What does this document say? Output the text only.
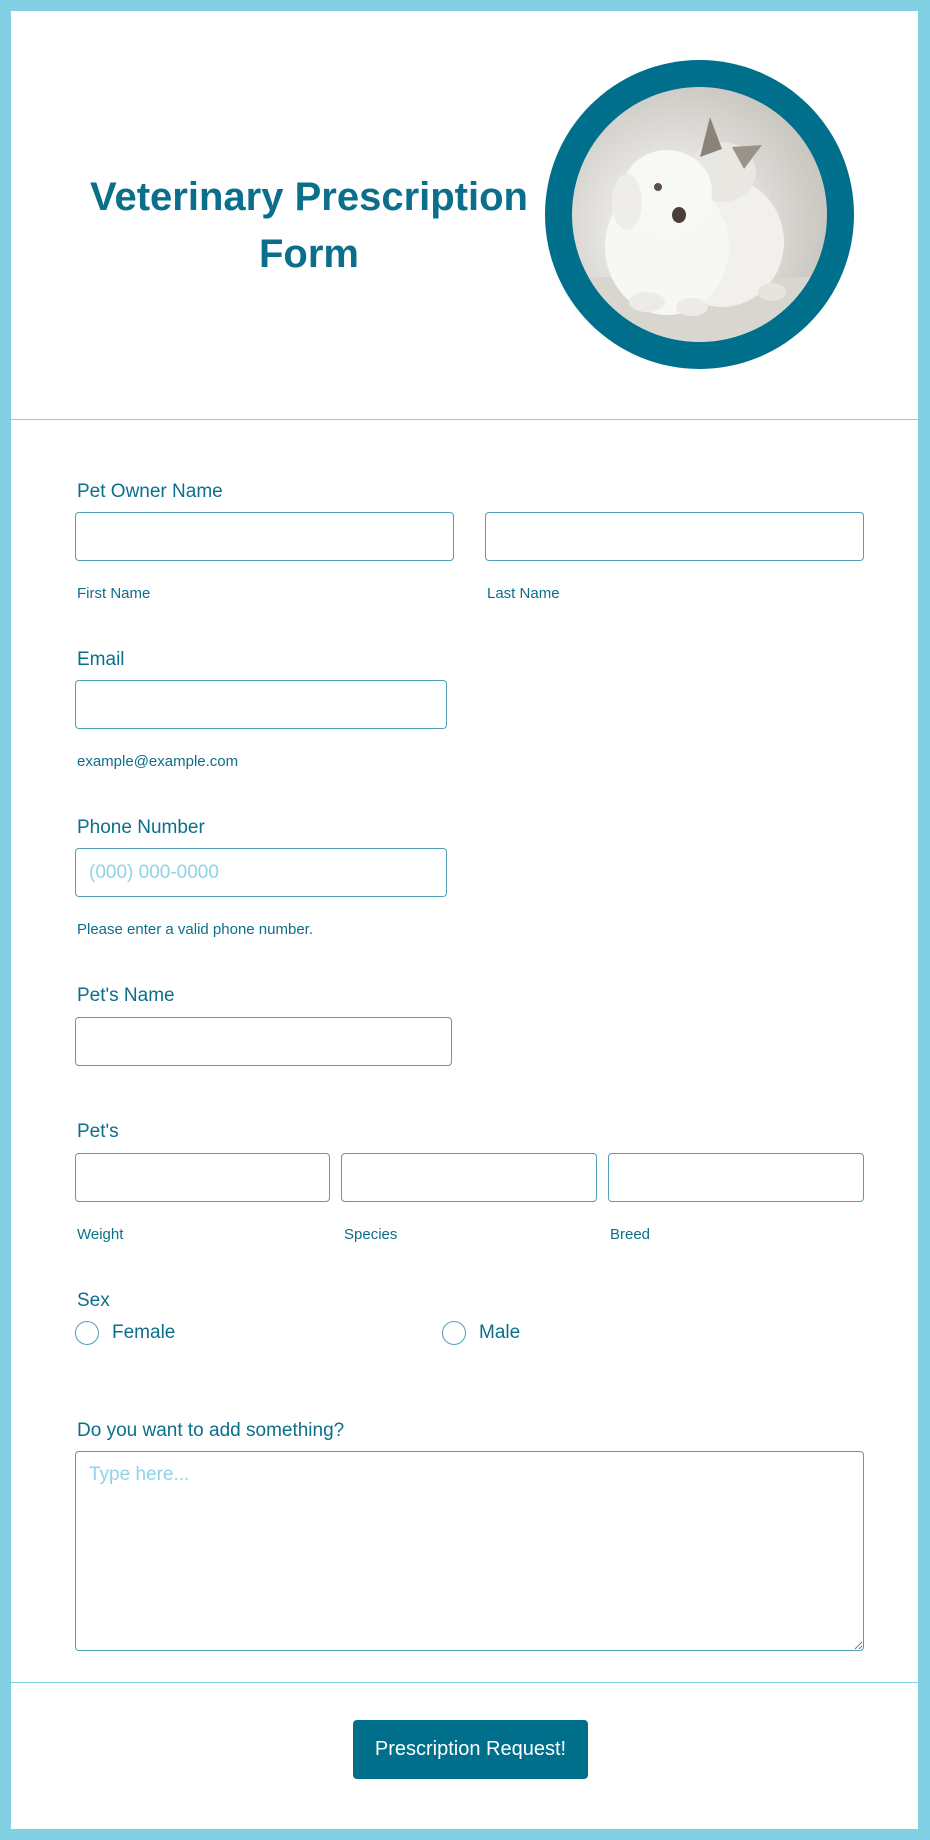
Veterinary Prescription Form
Pet Owner Name
First Name	Last Name
Email
example@example.com
Phone Number
(000) 000-0000
Please enter a valid phone number.
Pet's Name
Pet's
Weight	Species	Breed
Sex
Female	Male
Do you want to add something?
Type here...
Prescription Request!
